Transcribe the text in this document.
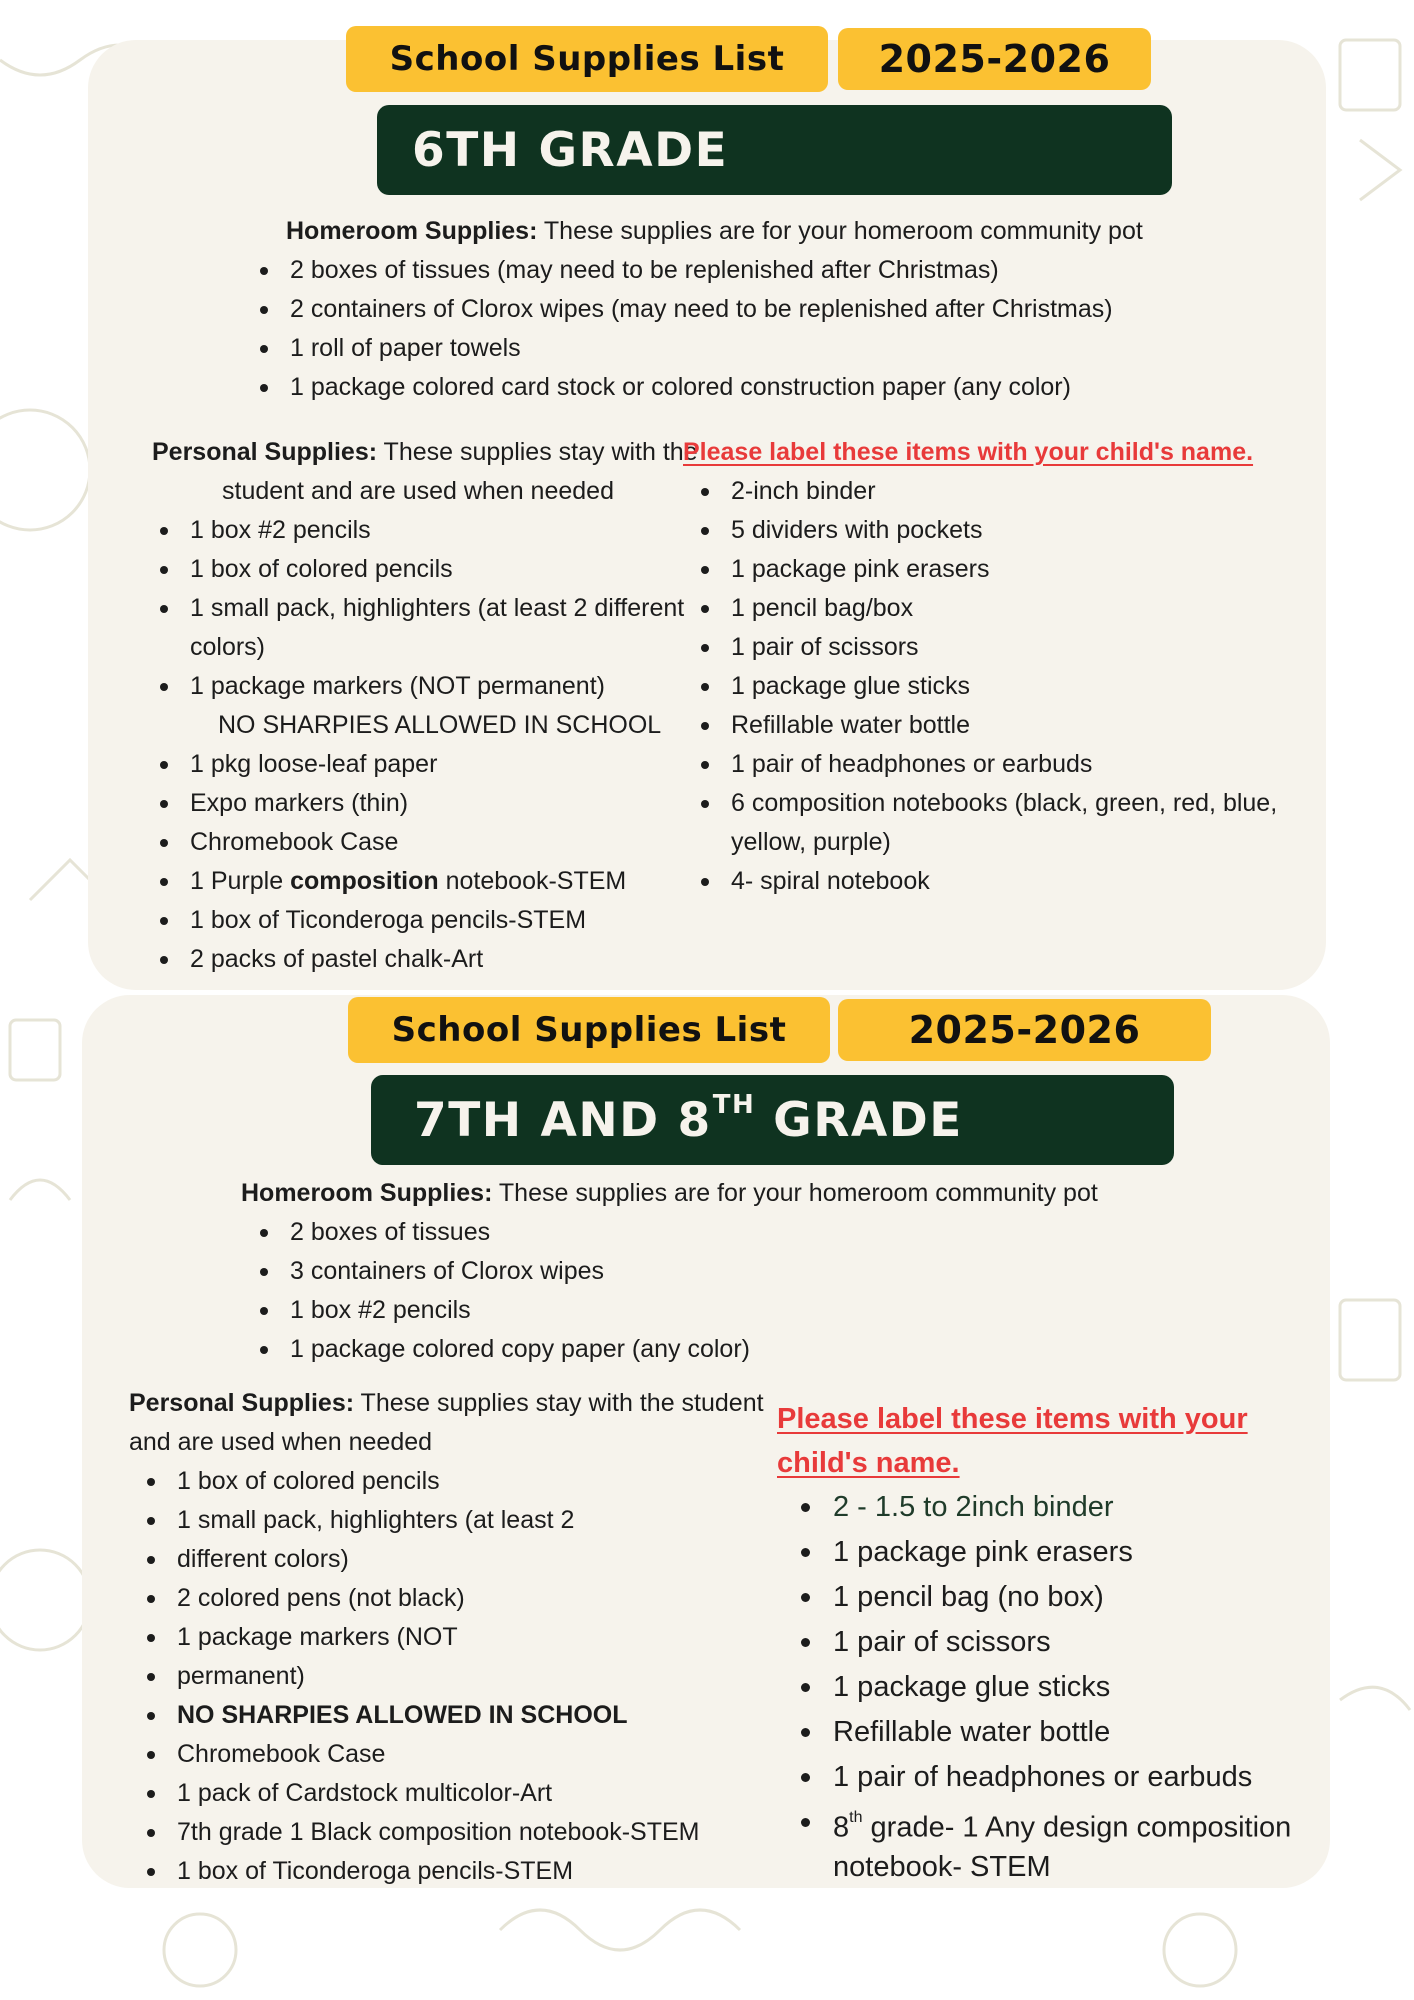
School Supplies List	2025-2026
6TH GRADE
Homeroom Supplies: These supplies are for your homeroom community pot
2 boxes of tissues (may need to be replenished after Christmas)
2 containers of Clorox wipes (may need to be replenished after Christmas)
1 roll of paper towels
1 package colored card stock or colored construction paper (any color)
Personal Supplies: These supplies stay with the
student and are used when needed
1 box #2 pencils
1 box of colored pencils
1 small pack, highlighters (at least 2 different
colors)
1 package markers (NOT permanent)
NO SHARPIES ALLOWED IN SCHOOL
1 pkg loose-leaf paper
Expo markers (thin)
Chromebook Case
1 Purple composition notebook-STEM
1 box of Ticonderoga pencils-STEM
2 packs of pastel chalk-Art
Please label these items with your child's name.
2-inch binder
5 dividers with pockets
1 package pink erasers
1 pencil bag/box
1 pair of scissors
1 package glue sticks
Refillable water bottle
1 pair of headphones or earbuds
6 composition notebooks (black, green, red, blue,
yellow, purple)
4- spiral notebook
School Supplies List	2025-2026
7TH AND 8TH GRADE
Homeroom Supplies: These supplies are for your homeroom community pot
2 boxes of tissues
3 containers of Clorox wipes
1 box #2 pencils
1 package colored copy paper (any color)
Personal Supplies: These supplies stay with the student
and are used when needed
1 box of colored pencils
1 small pack, highlighters (at least 2
different colors)
2 colored pens (not black)
1 package markers (NOT
permanent)
NO SHARPIES ALLOWED IN SCHOOL
Chromebook Case
1 pack of Cardstock multicolor-Art
7th grade 1 Black composition notebook-STEM
1 box of Ticonderoga pencils-STEM
Please label these items with your
child's name.
2 - 1.5 to 2inch binder
1 package pink erasers
1 pencil bag (no box)
1 pair of scissors
1 package glue sticks
Refillable water bottle
1 pair of headphones or earbuds
8th grade- 1 Any design composition
notebook- STEM
